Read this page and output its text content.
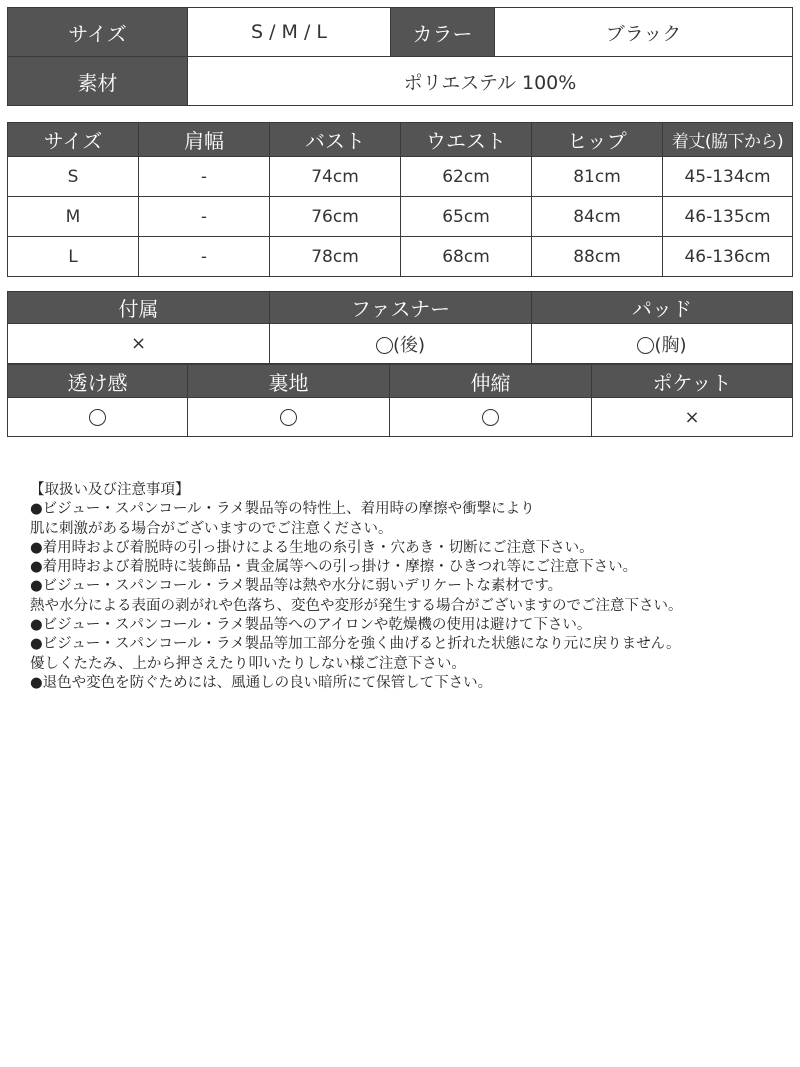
サイズ	S / M / L	カラー	ブラック
素材	ポリエステル 100%		
サイズ	肩幅	バスト	ウエスト	ヒップ	着丈(脇下から)
S	-	74cm	62cm	81cm	45-134cm
M	-	76cm	65cm	84cm	46-135cm
L	-	78cm	68cm	88cm	46-136cm
付属	ファスナー	パッド
×	(後)	(胸)
透け感	裏地	伸縮	ポケット
			×
【取扱い及び注意事項】
●ビジュー・スパンコール・ラメ製品等の特性上、着用時の摩擦や衝撃により
肌に刺激がある場合がございますのでご注意ください。
●着用時および着脱時の引っ掛けによる生地の糸引き・穴あき・切断にご注意下さい。
●着用時および着脱時に装飾品・貴金属等への引っ掛け・摩擦・ひきつれ等にご注意下さい。
●ビジュー・スパンコール・ラメ製品等は熱や水分に弱いデリケートな素材です。
熱や水分による表面の剥がれや色落ち、変色や変形が発生する場合がございますのでご注意下さい。
●ビジュー・スパンコール・ラメ製品等へのアイロンや乾燥機の使用は避けて下さい。
●ビジュー・スパンコール・ラメ製品等加工部分を強く曲げると折れた状態になり元に戻りません。
優しくたたみ、上から押さえたり叩いたりしない様ご注意下さい。
●退色や変色を防ぐためには、風通しの良い暗所にて保管して下さい。
